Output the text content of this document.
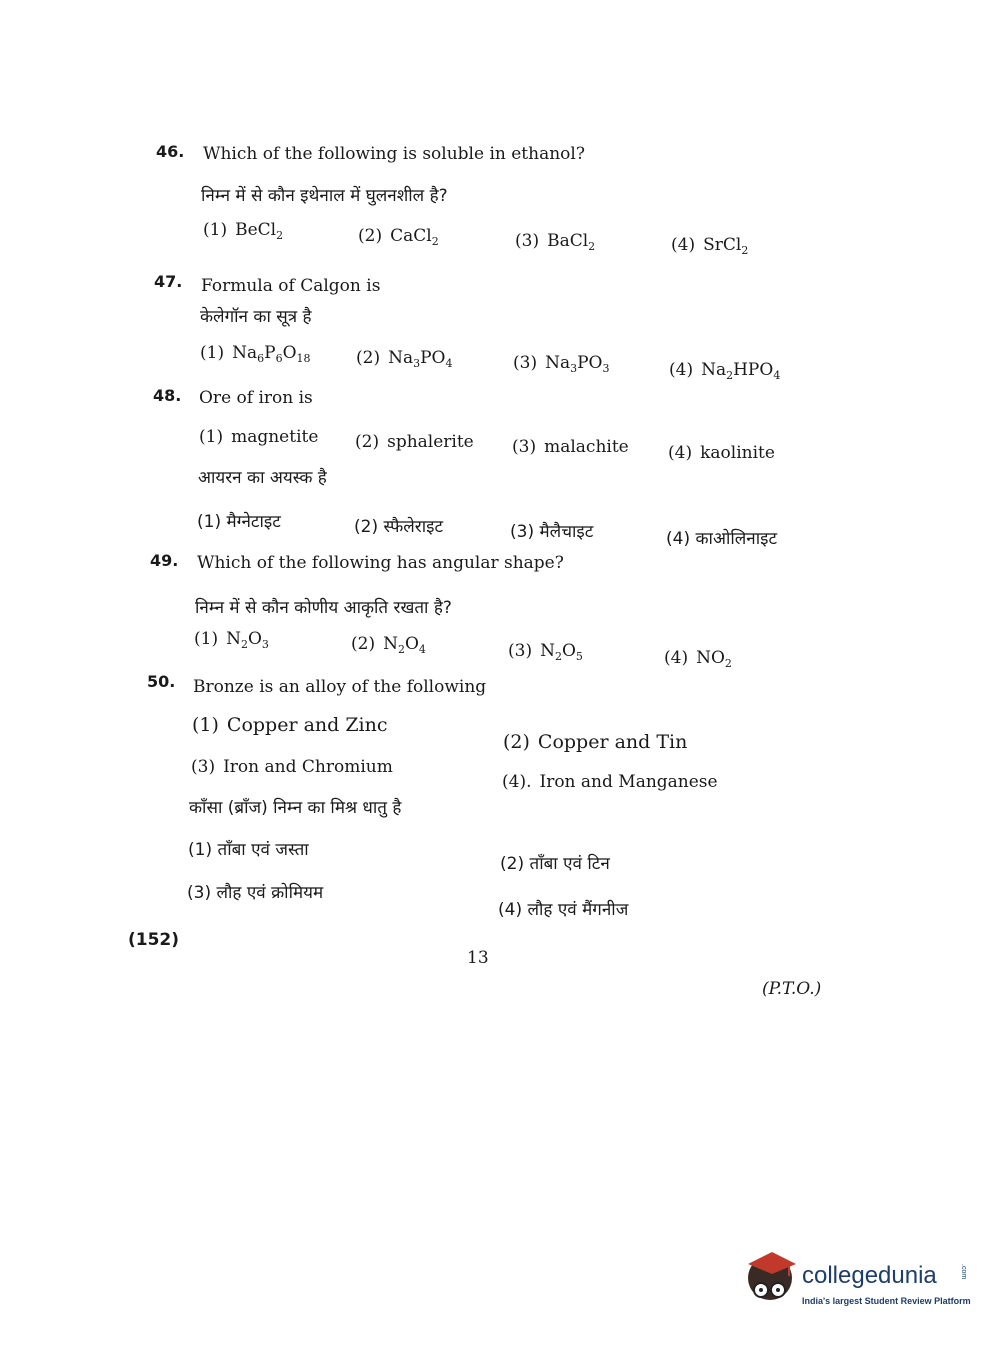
46. Which of the following is soluble in ethanol?
निम्न में से कौन इथेनाल में घुलनशील है?
(1) BeCl$_2$	(2) CaCl$_2$	(3) BaCl$_2$	(4) SrCl$_2$
47. Formula of Calgon is
केलेगॉन का सूत्र है
(1) $Na_6P_6O_{18}$	(2) $Na_3PO_4$	(3) $Na_3PO_3$	(4) $Na_2HPO_4$
48. Ore of iron is
(1) magnetite (2) sphalerite (3) malachite (4) kaolinite
आयरन का अयस्क है
(1) मैग्नेटाइट	(2) स्फैलेराइट	(3) मैलैचाइट	(4) काओलिनाइट
49. Which of the following has angular shape?
निम्न में से कौन कोणीय आकृति रखता है?
(1) $N_2O_3$	(2) $N_2O_4$	(3) $N_2O_5$	(4) $NO_2$
50. Bronze is an alloy of the following
(1) Copper and Zinc
(2) Copper and Tin
(3) Iron and Chromium
(4). Iron and Manganese
काँसा (ब्राँज) निम्न का मिश्र धातु है
(1) ताँबा एवं जस्ता
(2) ताँबा एवं टिन
(3) लौह एवं क्रोमियम
(4) लौह एवं मैंगनीज
(152)
13
(P.T.O.)
collegedunia	.com
India's largest Student Review Platform
